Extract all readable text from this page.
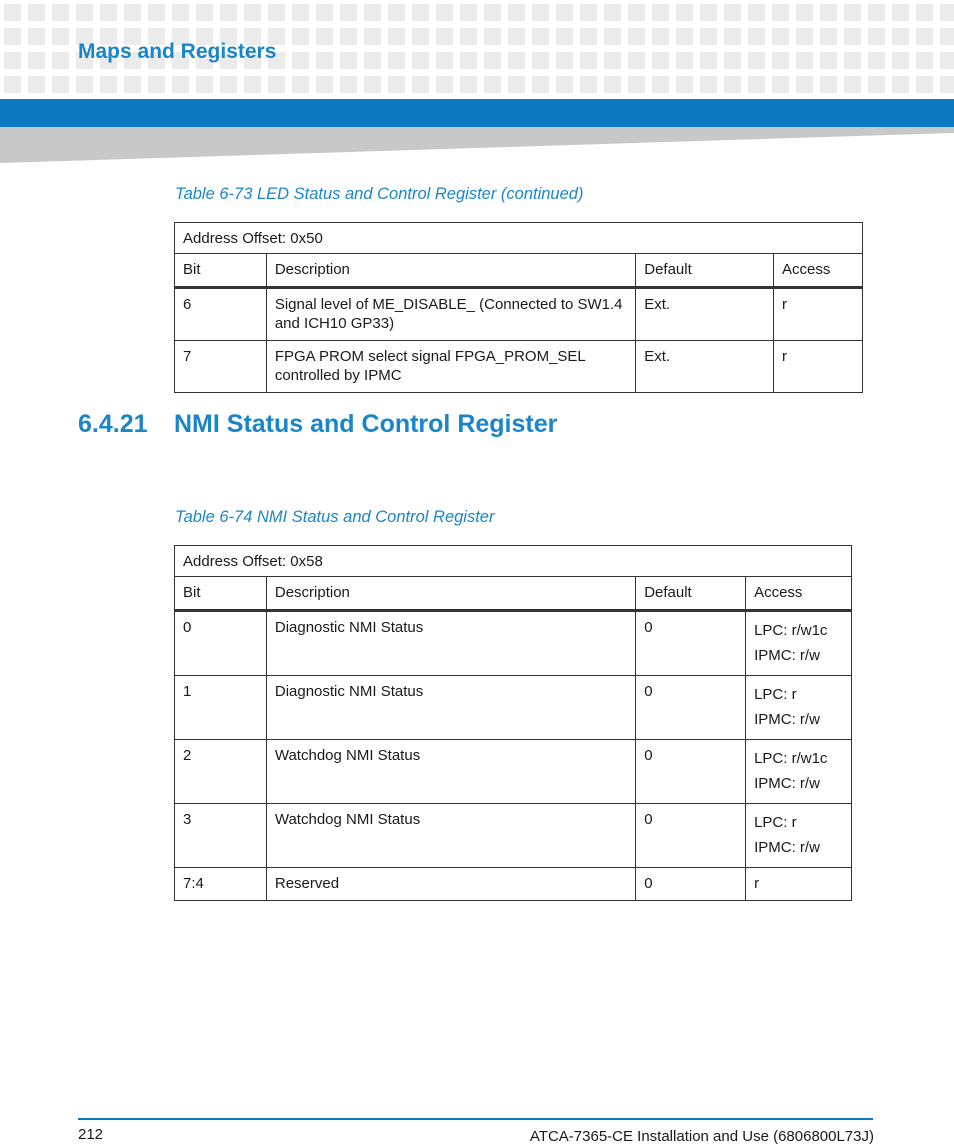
Maps and Registers
Table 6-73 LED Status and Control Register (continued)
Address Offset: 0x50			
Bit	Description	Default	Access
6	Signal level of ME_DISABLE_ (Connected to SW1.4 and ICH10 GP33)	Ext.	r
7	FPGA PROM select signal FPGA_PROM_SEL controlled by IPMC	Ext.	r
6.4.21 NMI Status and Control Register
Table 6-74 NMI Status and Control Register
Address Offset: 0x58			
Bit	Description	Default	Access
0	Diagnostic NMI Status	0	LPC: r/w1c
IPMC: r/w

1	Diagnostic NMI Status	0	LPC: r
IPMC: r/w

2	Watchdog NMI Status	0	LPC: r/w1c
IPMC: r/w

3	Watchdog NMI Status	0	LPC: r
IPMC: r/w

7:4	Reserved	0	r
212	ATCA-7365-CE Installation and Use (6806800L73J)
